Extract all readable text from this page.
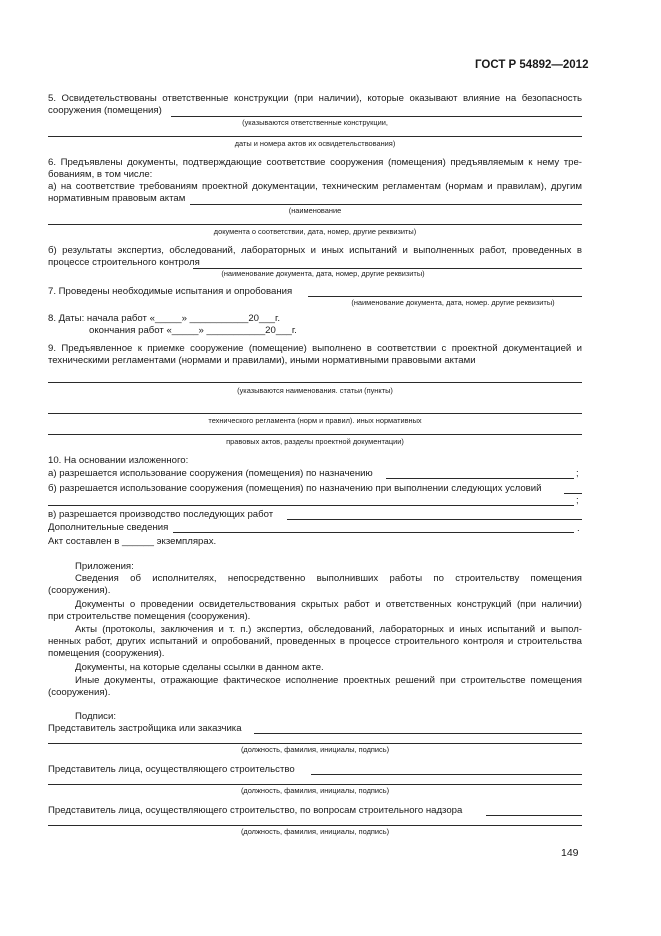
ГОСТ Р 54892—2012
5. Освидетельствованы ответственные конструкции (при наличии), которые оказывают влияние на безопасность
сооружения (помещения)
(указываются ответственные конструкции,
даты и номера актов их освидетельствования)
6. Предъявлены документы, подтверждающие соответствие сооружения (помещения) предъявляемым к нему тре-
бованиям, в том числе:
а) на соответствие требованиям проектной документации, техническим регламентам (нормам и правилам), другим
нормативным правовым актам
(наименование
документа о соответствии, дата, номер, другие реквизиты)
б) результаты экспертиз, обследований, лабораторных и иных испытаний и выполненных работ, проведенных в
процессе строительного контроля
(наименование документа, дата, номер, другие реквизиты)
7. Проведены необходимые испытания и опробования
(наименование документа, дата, номер. другие реквизиты)
8. Даты: начала работ «_____» ___________20___г.
окончания работ «_____» ___________20___г.
9. Предъявленное к приемке сооружение (помещение) выполнено в соответствии с проектной документацией и
техническими регламентами (нормами и правилами), иными нормативными правовыми актами
(указываются наименования. статьи (пункты)
технического регламента (норм и правил). иных нормативных
правовых актов, разделы проектной документации)
10. На основании изложенного:
а) разрешается использование сооружения (помещения) по назначению	;
б) разрешается использование сооружения (помещения) по назначению при выполнении следующих условий
;
в) разрешается производство последующих работ
Дополнительные сведения	.
Акт составлен в ______ экземплярах.
Приложения:
Сведения об исполнителях, непосредственно выполнивших работы по строительству помещения
(сооружения).
Документы о проведении освидетельствования скрытых работ и ответственных конструкций (при наличии)
при строительстве помещения (сооружения).
Акты (протоколы, заключения и т. п.) экспертиз, обследований, лабораторных и иных испытаний и выпол-
ненных работ, других испытаний и опробований, проведенных в процессе строительного контроля и строительства
помещения (сооружения).
Документы, на которые сделаны ссылки в данном акте.
Иные документы, отражающие фактическое исполнение проектных решений при строительстве помещения
(сооружения).
Подписи:
Представитель застройщика или заказчика
(должность, фамилия, инициалы, подпись)
Представитель лица, осуществляющего строительство
(должность, фамилия, инициалы, подпись)
Представитель лица, осуществляющего строительство, по вопросам строительного надзора
(должность, фамилия, инициалы, подпись)
149
